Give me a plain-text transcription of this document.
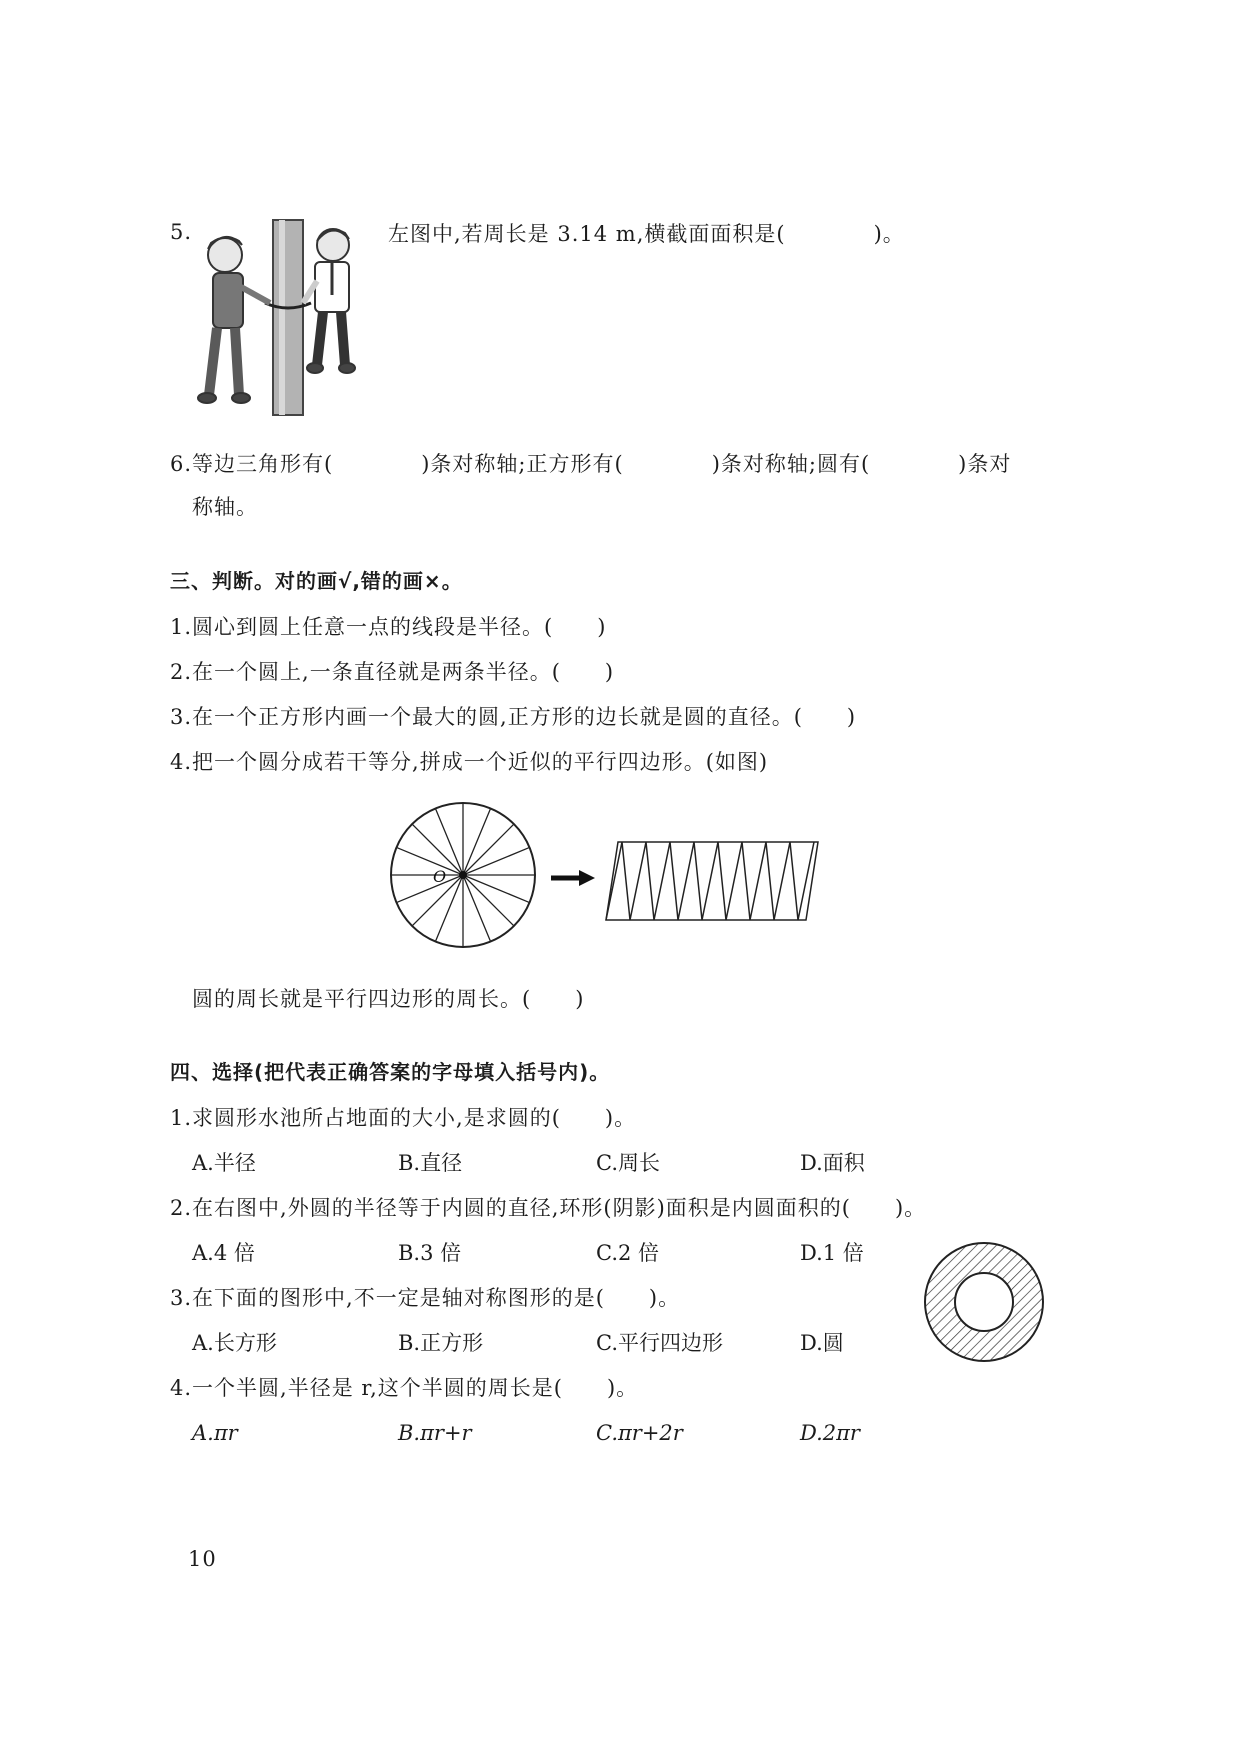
5.	左图中,若周长是 3.14 m,横截面面积是(　　　　)。
6.等边三角形有(　　　　)条对称轴;正方形有(　　　　)条对称轴;圆有(　　　　)条对
称轴。
三、判断。对的画√,错的画×。
1.圆心到圆上任意一点的线段是半径。(　　)
2.在一个圆上,一条直径就是两条半径。(　　)
3.在一个正方形内画一个最大的圆,正方形的边长就是圆的直径。(　　)
4.把一个圆分成若干等分,拼成一个近似的平行四边形。(如图)
O
圆的周长就是平行四边形的周长。(　　)
四、选择(把代表正确答案的字母填入括号内)。
1.求圆形水池所占地面的大小,是求圆的(　　)。
A.半径	B.直径	C.周长	D.面积
2.在右图中,外圆的半径等于内圆的直径,环形(阴影)面积是内圆面积的(　　)。
A.4 倍	B.3 倍	C.2 倍	D.1 倍
3.在下面的图形中,不一定是轴对称图形的是(　　)。
A.长方形	B.正方形	C.平行四边形	D.圆
4.一个半圆,半径是 r,这个半圆的周长是(　　)。
A.πr	B.πr+r	C.πr+2r	D.2πr
10
